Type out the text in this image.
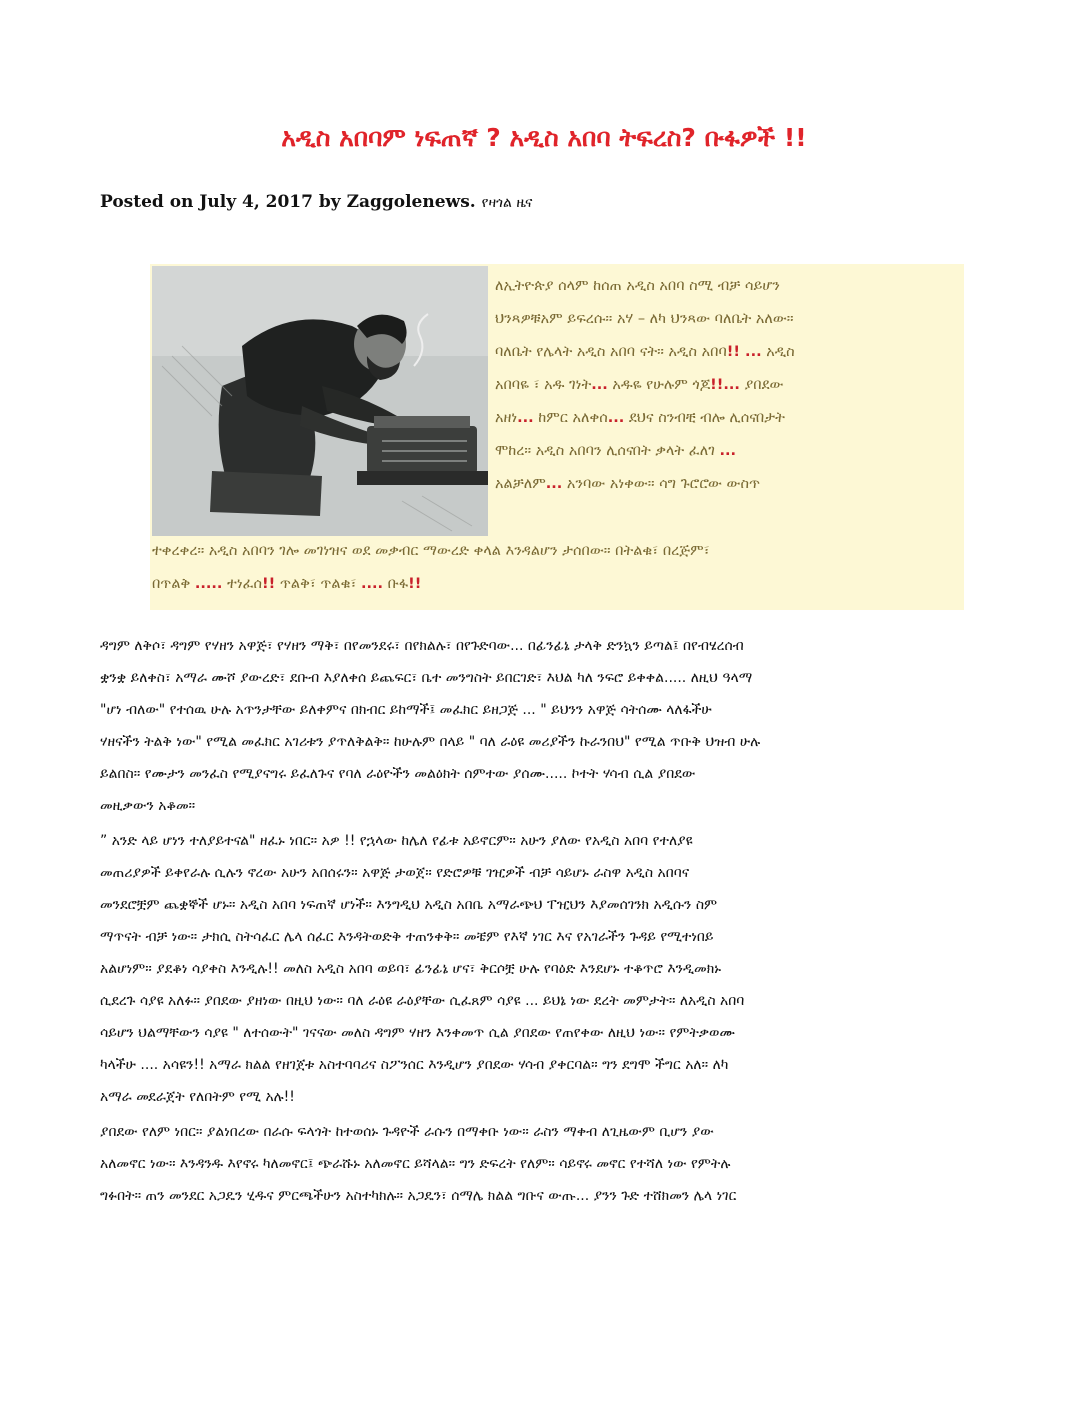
አዲስ አበባም ነፍጠኛ ? አዲስ አበባ ትፍረስ? ቡፋዎች !!

Posted on July 4, 2017 by Zaggolenews. የዛጎል ዜና

ለኢትዮጵያ ሰላም ከሰጠ አዲስ አበባ ስሚ ብቻ ሳይሆን
ህንጻዎቹአም ይፍረሱ። አሃ – ለካ ህንጻው ባለቤት አለው።
ባለቤት የሌላት አዲስ አበባ ናት። አዲስ አበባ!! ... አዲስ
አበባዬ ፣ አዱ ገነት... አዱዬ የሁሉም ጎጆ!!... ያበደው
አዘነ... ከምር አለቀሰ... ደህና ስንብቺ ብሎ ሊሰናበታት
ሞከረ። አዲስ አበባን ሊሰናበት ቃላት ፈለገ ...
አልቻለም... አንባው አነቀው። ሳግ ጉሮሮው ውስጥ
ተቀረቀረ። አዲስ አበባን ገሎ መገነዝና ወደ መቃብር ማውረድ ቀላል እንዳልሆን ታሰበው። በትልቁ፣ በረጅም፣
በጥልቅ ..... ተነፈሰ!! ጥልቅ፣ ጥልቁ፣ .... ቡፋ!!
ዳግም ለቅሶ፣ ዳግም የሃዘን አዋጅ፣ የሃዘን ማቅ፣ በየመንደሩ፣ በየክልሉ፣ በየጉድባው... በፊንፊኔ ታላቅ ድንኳን ይጣል፤ በየብሄረሰብ
ቋንቋ ይለቀስ፣ አማራ ሙሾ ያውረድ፣ ደቡብ እያለቀሰ ይጨፍር፣ ቤተ መንግስት ይበርገድ፣ እህል ካለ ንፍሮ ይቀቀል..... ለዚህ ዓላማ
"ሆነ ብለው" የተሰዉ ሁሉ አጥንታቸው ይለቀምና በክብር ይከማች፤ መፈክር ይዘጋጅ ... " ይህንን አዋጅ ሳትሰሙ ላለፋችሁ
ሃዘናችን ትልቅ ነው" የሚል መፈክር አገሪቱን ያጥለቅልቅ። ከሁሉም በላይ " ባለ ራዕዩ መሪያችን ኩራንበህ" የሚል ጥቡቅ ህዝብ ሁሉ
ይልበስ። የሙታን መንፈስ የሚያናግሩ ይፈለጉና የባለ ራዕዮችን መልዕክት ሰምተው ያሰሙ..... ኮተት ሃሳብ ሲል ያበደው
መዚቃውን አቆመ።
” አንድ ላይ ሆነን ተለያይተናል" ዘፈኑ ነበር። አዎ !! የኋላው ከሌለ የፊቱ አይኖርም። አሁን ያለው የአዲስ አበባ የተለያዩ
መጠሪያዎች ይቀየራሉ ሲሉን ኖረው አሁን አበሰሩን። አዋጅ ታወጀ። የድሮዎቹ ገዢዎች ብቻ ሳይሆኑ ራስዋ አዲስ አበባና
መንደሮቿም ጨቋኞች ሆኑ። አዲስ አበባ ነፍጠኛ ሆነች። እንግዲህ አዲስ አበቤ አማራጭህ ፐዢህን እያመሰገንክ አዲሱን ስም
ማጥናት ብቻ ነው። ታክሲ ስትሳፈር ሌላ ሰፈር እንዳትወድቅ ተጠንቀቅ። መቼም የእኛ ነገር እና የአገራችን ጉዳይ የሚተነበይ
አልሆነም። ያደቆነ ሳያቀስ እንዲሉ!! መለስ አዲስ አበባ ወይባ፣ ፊንፊኔ ሆና፣ ቅርሶቿ ሁሉ የባዕድ እንደሆኑ ተቆጥሮ እንዲመክኑ
ሲደረጉ ሳያዩ አለፉ። ያበደው ያዘነው በዚህ ነው። ባለ ራዕዩ ራዕያቸው ሲፈጸም ሳያዩ ... ይህኔ ነው ደረት መምታት። ለአዲስ አበባ
ሳይሆን ህልማቸውን ሳያዩ " ለተሰውት" ገናናው መለስ ዳግም ሃዘን እንቀመጥ ሲል ያበደው የጠየቀው ለዚህ ነው። የምትቃወሙ
ካላችሁ .... አሳዩን!! አማራ ክልል የዘገጀቱ አስተባባሪና ስፖንሰር እንዲሆን ያበደው ሃሳብ ያቀርባል። ግን ደግሞ ችግር አለ። ለካ
አማራ መደራጀት የለበትም የሚ አሉ!!
ያበደው የለም ነበር። ያልነበረው በራሱ ፍላጎት ከተወሰኑ ጉዳዮች ራሱን በማቀቡ ነው። ራስን ማቀብ ለጊዜውም ቢሆን ያው
አለመኖር ነው። እንዳንዱ እየኖሩ ካለመኖር፤ ጭራሹኑ አለመኖር ይሻላል። ግን ድፍረት የለም። ሳይኖሩ መኖር የተሻለ ነው የምትሉ
ግፉበት። ጠን መንደር አጋዴን ሂዱና ምርጫችሁን አስተካክሉ። አጋዴን፣ ሰማሌ ክልል ግቡና ውጡ... ያንን ጉድ ተሸክመን ሌላ ነገር
